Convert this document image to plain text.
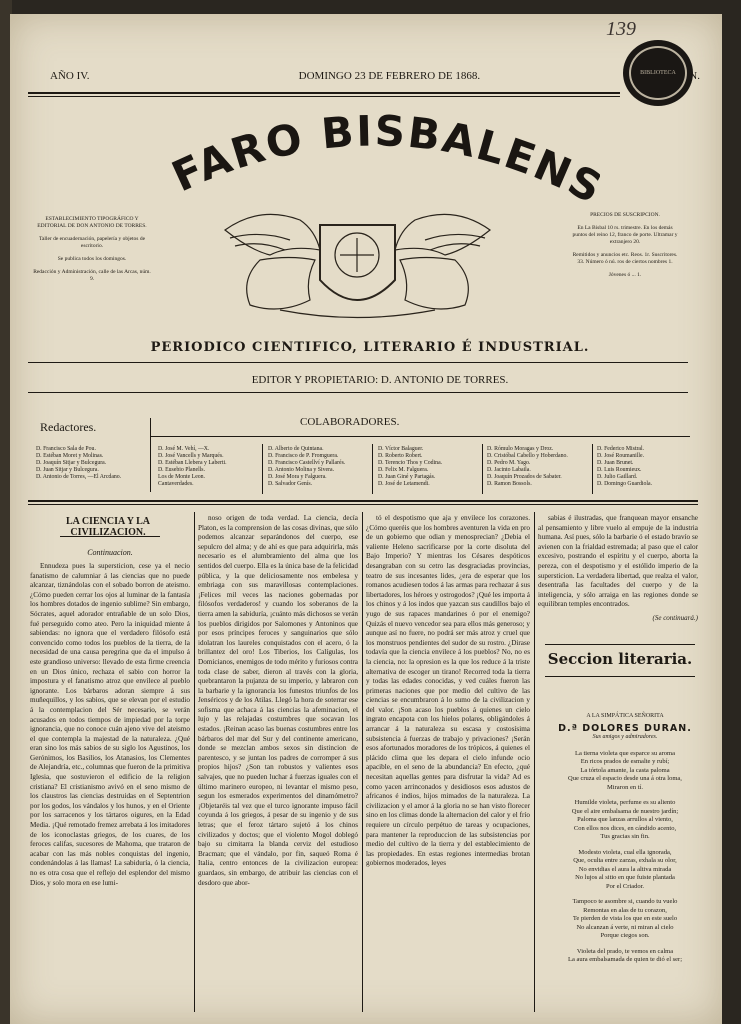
139
BIBLIOTECA
AÑO IV.	DOMINGO 23 DE FEBRERO DE 1868.	N.
FARO BISBALEN

ESTABLECIMIENTO TIPOGRÁFICO Y EDITORIAL DE DON ANTONIO DE TORRES.

Taller de encuadernación, papelería y objetos de escritorio.

Se publica todos los domingos.

Redacción y Administración, calle de las Arcas, núm. 9.

PRECIOS DE SUSCRIPCION.

En La Bisbal 10 rs. trimestre. En los demás puntos del reino 12, franco de porte. Ultramar y extranjero 20.

Remitidos y anuncios etc. Reos. 1r. Suscritores. 33. Número ó nú. ros de ciertos nombres 1.

Jóvenes ó ... 1.

PERIODICO CIENTIFICO, LITERARIO É INDUSTRIAL.
EDITOR Y PROPIETARIO: D. ANTONIO DE TORRES.
Redactores.	COLABORADORES.
D. Francisco Sala de Pou.
D. Estéban Moret y Molinas.
D. Joaquín Sitjar y Bulcegura.
D. Juan Sitjar y Bulcegura.
D. Antonio de Torres, —El Arcdano.
D. José M. Vehí, —X.
D. José Vancells y Marqués.
D. Estéban Llebera y Laberti.
D. Eusebio Planells.
Los de Monte Leon.
Cantaverdades.
D. Alberto de Quintana.
D. Francisco de P. Fromguera.
D. Francisco Castellví y Pallarés.
D. Antonio Molina y Sivera.
D. José Mora y Falguera.
D. Salvador Genís.
D. Víctor Balaguer.
D. Roberto Robert.
D. Terencio Thos y Codina.
D. Felix M. Falguera.
D. Juan Giné y Partagás.
D. José de Letamendi.
D. Rómulo Moragas y Droz.
D. Cristóbal Cabello y Hoberdano.
D. Pedro M. Yago.
D. Jacinto Labaila.
D. Joaquín Prozados de Sabater.
D. Ramon Bossols.
D. Federico Mistral.
D. José Roumanille.
D. Juan Brunet.
D. Luis Roumieux.
D. Julio Gaillard.
D. Domingo Guardiola.
LA CIENCIA Y LA CIVILIZACION.
Continuacion.

Ennudeza pues la supersticion, cese ya el necio fanatismo de calumniar á las ciencias que no puede alcanzar, tiznándolas con el sobado borron de ateismo. ¿Cómo pueden cerrar los ojos al luminar de la fantasía los hombres dotados de ingenio sublime? Sin embargo, Sócrates, aquel adorador entrañable de un solo Dios, fué perseguido como ateo. Pero la iniquidad miente á sabiendas: no ignora que el verdadero filósofo está convencido como todos los pueblos de la tierra, de la necesidad de una causa peregrina que da el impulso á este grandioso universo: llevado de esta firme creencia en un Dios único, rechaza el sabio con horror la impostura y el fanatismo atroz que envilece al pueblo ignorante. Los bárbaros adoran siempre á sus muñequillos, y los sabios, que se elevan por el estudio á la contemplacion del Sér necesario, se verán acusados en todos tiempos de impiedad por la torpe ignorancia, que no conoce cuán ajeno vive del ateismo el que contempla la majestad de la naturaleza. ¿Qué eran sino los más sabios de su siglo los Agustinos, los Gerónimos, los Basilios, los Atanasios, los Clementes de Alejandría, etc., columnas que fueron de la primitiva Iglesia, que sostuvieron el edificio de la religion cristiana? El cristianismo avivó en el seno mismo de los claustros las ciencias destruidas en el Septentrion por los godos, los vándalos y los hunos, y en el Oriente por los sarracenos y los tártaros oigures, en la Edad Media. ¡Qué remotado fremez arrebata á los imitadores de los iconoclastas griegos, de los cuares, de los feroces califas, sucesores de Mahoma, que trataron de acabar con las más nobles conquistas del ingenio, condenándolas á las llamas! La sabiduría, ó la ciencia, no es otra cosa que el reflejo del esplendor del mismo Dios, y solo mora en ese lumi-

noso origen de toda verdad. La ciencia, decía Platon, es la comprension de las cosas divinas, que sólo podemos alcanzar separándonos del cuerpo, ese sepulcro del alma; y de ahí es que para adquirirla, más necesario es el alumbramiento del alma que los sentidos del cuerpo. Ella es la única base de la felicidad pública, y la que deliciosamente nos embelesa y embriaga con sus maravillosas contemplaciones. ¡Felices mil veces las naciones gobernadas por filósofos verdaderos! y cuando los soberanos de la tierra amen la sabiduría, ¡cuánto más dichosos se verán los pueblos dirigidos por Salomones y Antoninos que por esos príncipes feroces y sanguinarios que sólo idolatran los laureles conquistados con el acero, ó la brillantez del oro! Los Tiberios, los Calígulas, los Domicianos, enemigos de todo mérito y furiosos contra toda clase de saber, dieron al través con la gloria, quebrantaron la pujanza de su imperio, y labraron con la barbarie y la ignorancia los funestos triunfos de los Jenséricos y de los Atilas. Llegó la hora de soterrar ese sofisma que achaca á las ciencias la afeminacion, el lujo y las relajadas costumbres que socavan los estados. ¡Reinan acaso las buenas costumbres entre los bárbaros del mar del Sur y del continente americano, donde se mezclan ambos sexos sin distincion de parentesco, y se juntan los padres de corromper á sus propios hijos? ¿Son tan robustos y valientes esos salvajes, que no pueden luchar á fuerzas iguales con el último marinero europeo, ni levantar el mismo peso, segun los esmerados experimentos del dinamómetro? ¡Objetaréis tal vez que el turco ignorante impuso fácil coyunda á los griegos, á pesar de su ingenio y de sus letras; que el feroz tártaro sujetó á los chinos civilizados y doctos; que el violento Mogol doblegó bajo su cimitarra la blanda cerviz del estudioso Bracman; que el vándalo, por fin, saqueó Roma é Italia, centro entonces de la civilizacion europea: guardaos, sin embargo, de atribuir las ciencias con el desdoro que abor-

tó el despotismo que aja y envilece los corazones. ¿Cómo queréis que los hombres aventuren la vida en pro de un gobierno que odian y menosprecian? ¿Debia el valiente Heleno sacrificarse por la corte disoluta del Bajo Imperio? Y mientras los Césares despóticos desangraban con su cetro las desgraciadas provincias, teatro de sus incesantes lides, ¿era de esperar que los romanos acudiesen todos á las armas para rechazar á sus libertadores, los héroes y ostrogodos? ¡Qué les importa á los chinos y á los indos que yazcan sus caudillos bajo el yugo de sus rapaces mandarines ó por el enemigo? Quizás el nuevo vencedor sea para ellos más generoso; y aunque así no fuere, no podrá ser más atroz y cruel que los monstruos pendientes del sudor de su rostro. ¿Dirase todavía que la ciencia envilece á los pueblos? No, no es la ciencia, no: la opresion es la que los reduce á la triste alternativa de escoger un tirano! Recorred toda la tierra y todas las edades conocidas, y ved cuáles fueron las primeras naciones que por medio del cultivo de las ciencias se encumbraron á lo sumo de la civilizacion y del valor. ¡Son acaso los pueblos á quienes un cielo ingrato encapota con los hielos polares, obligándoles á arrancar á la naturaleza su escasa y costosísima subsistencia á fuerzas de trabajo y privaciones? ¡Serán esos afortunados moradores de los trópicos, á quienes el plácido clima que les depara el cielo infunde ocio apacible, en el seno de la abundancia? En efecto, ¿qué necesitan aquellas gentes para disfrutar la vida? Ad es como yacen arrinconados y desidiosos esos adustos de africanos é indios, hijos mimados de la naturaleza. La civilizacion y el amor á la gloria no se han visto florecer sino en los climas donde la alternacion del calor y el frío requiere un círculo perpétuo de tareas y ocupaciones, para mantener la reproduccion de las subsistencias por medio del cultivo de la tierra y del establecimiento de las propiedades. En estas regiones intermedias brotan gobiernos moderados, leyes

sabias é ilustradas, que franquean mayor ensanche al pensamiento y libre vuelo al empuje de la industria humana. Así pues, sólo la barbarie ó el estado bravío se avienen con la frialdad estremada; al paso que el calor excesivo, postrando el espíritu y el cuerpo, aborta la pereza, con el despotismo y el estólido imperio de la supersticion. La verdadera libertad, que realza el valor, desentraña las facultades del cuerpo y de la inteligencia, y sólo arraiga en las regiones donde se equilibran temples encontrados.

(Se continuará.)
Seccion literaria.
A LA SIMPÁTICA SEÑORITA
D.ª DOLORES DURAN.
Sus amigos y admiradores.
La tierna violeta que esparce su aroma
En ricos prados de esmalte y rubí;
La tórtola amante, la casta paloma
Que cruza el espacio desde una á otra loma,
Miraron en tí.
Humilde violeta, perfume es su aliento
Que el aire embalsama de nuestro jardín;
Paloma que lanzas arrullos al viento,
Con ellos nos dices, en cándido acento,
Tus gracias sin fin.
Modesto violeta, cual ella ignorada,
Que, oculta entre zarzas, exhala su olor,
No envidias el aura la altiva mirada
No lujos al sitio en que fuiste plantada
Por el Criador.
Tampoco te asombre si, cuando tu vuelo
Remontas en alas de tu corazon,
Te pierden de vista los que en este suelo
No alcanzan á verte, ni miran al cielo
Porque ciegos son.
Violeta del prado, te vemos en calma
La aura embalsamada de quien te dió el ser;
